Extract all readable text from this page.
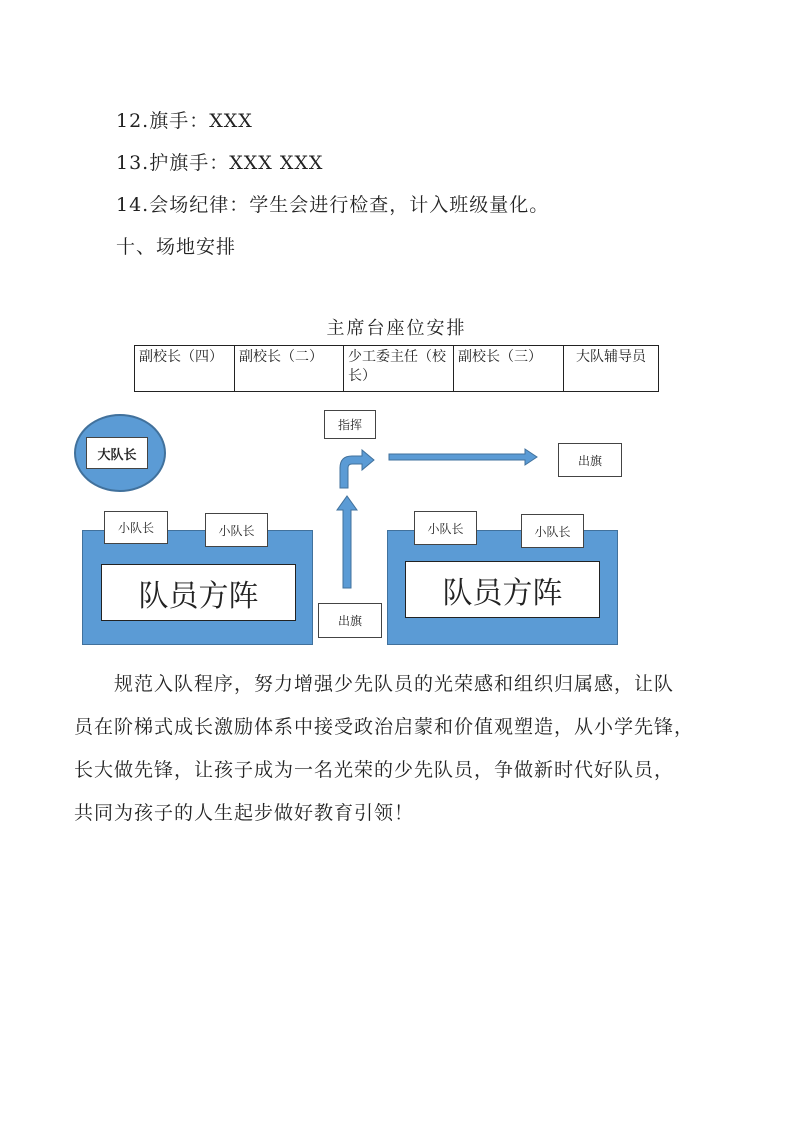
12.旗手：XXX
13.护旗手：XXX XXX
14.会场纪律：学生会进行检查，计入班级量化。
十、场地安排
主席台座位安排
副校长（四）	副校长（二）	少工委主任（校长）	副校长（三）	大队辅导员
大队长
指挥
出旗
小队长	小队长	小队长	小队长
队员方阵	队员方阵
出旗
规范入队程序，努力增强少先队员的光荣感和组织归属感，让队
员在阶梯式成长激励体系中接受政治启蒙和价值观塑造，从小学先锋，
长大做先锋，让孩子成为一名光荣的少先队员，争做新时代好队员，
共同为孩子的人生起步做好教育引领！
